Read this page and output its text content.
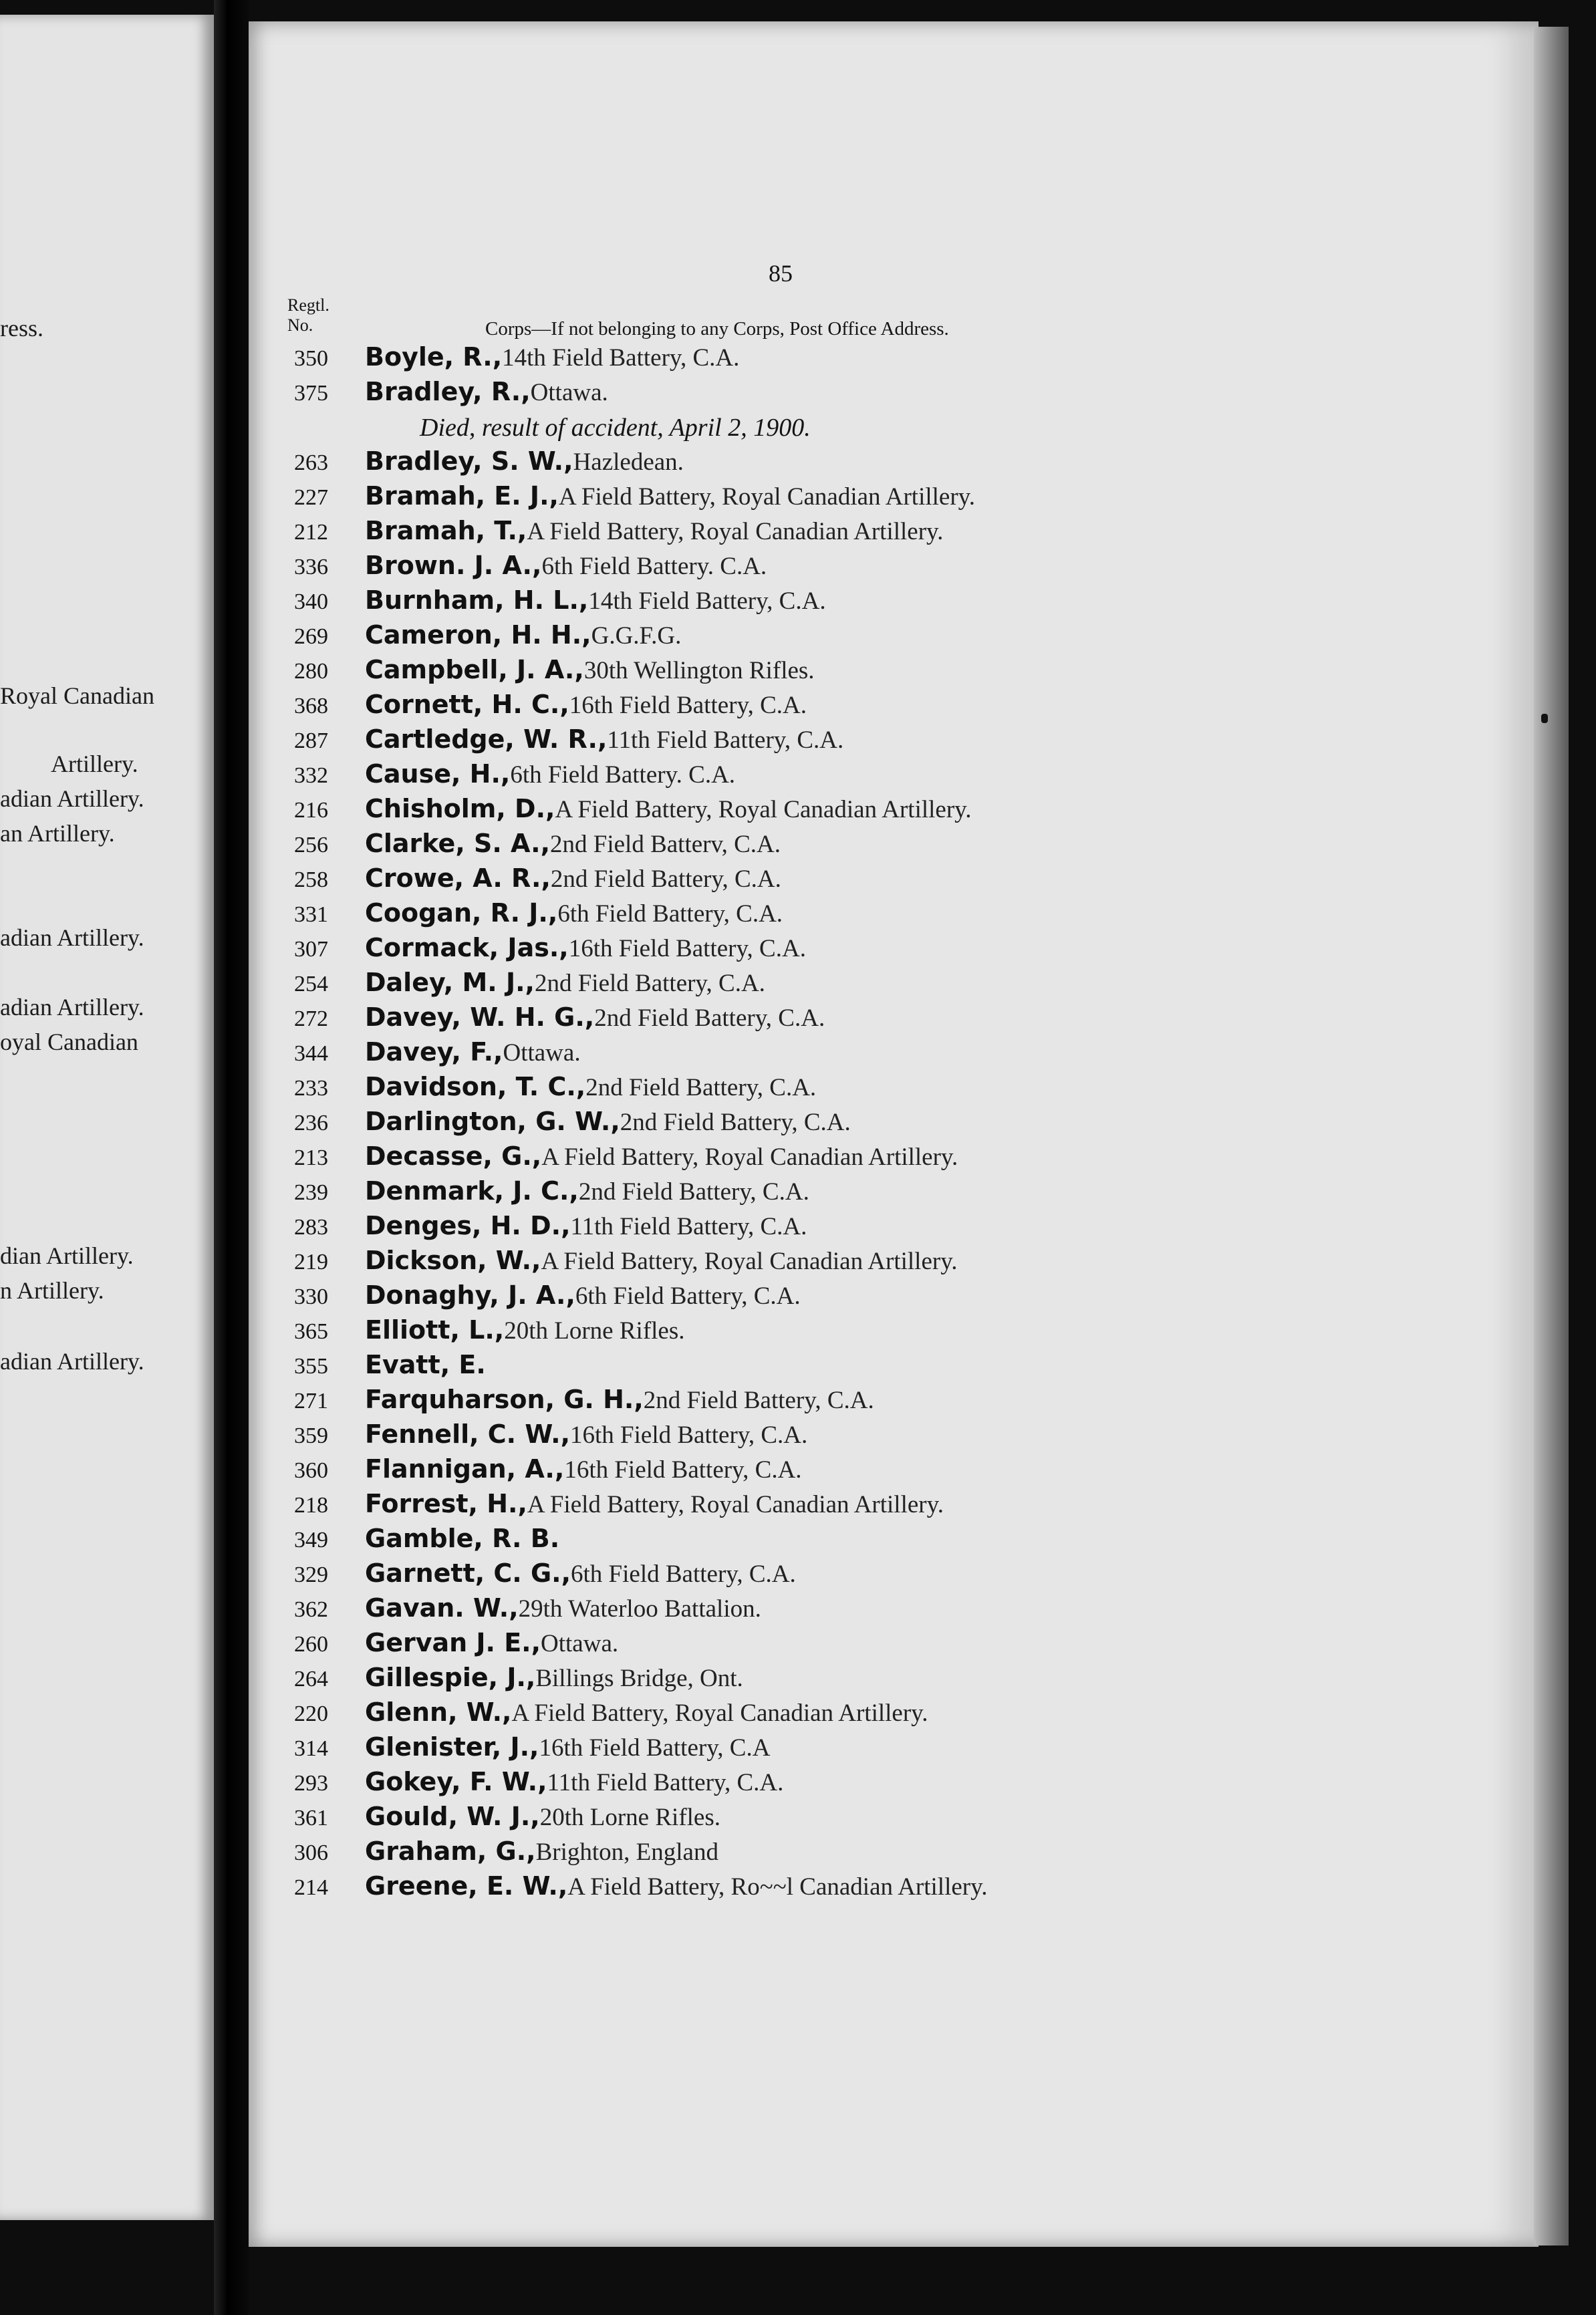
ress.
Royal Canadian
Artillery.
adian Artillery.
an Artillery.
adian Artillery.
adian Artillery.
oyal Canadian
dian Artillery.
n Artillery.
adian Artillery.
85
Regtl.
No.	Corps—If not belonging to any Corps, Post Office Address.
350	Boyle, R., 14th Field Battery, C.A.
375	Bradley, R., Ottawa.
Died, result of accident, April 2, 1900.
263	Bradley, S. W., Hazledean.
227	Bramah, E. J., A Field Battery, Royal Canadian Artillery.
212	Bramah, T., A Field Battery, Royal Canadian Artillery.
336	Brown. J. A., 6th Field Battery. C.A.
340	Burnham, H. L., 14th Field Battery, C.A.
269	Cameron, H. H., G.G.F.G.
280	Campbell, J. A., 30th Wellington Rifles.
368	Cornett, H. C., 16th Field Battery, C.A.
287	Cartledge, W. R., 11th Field Battery, C.A.
332	Cause, H., 6th Field Battery. C.A.
216	Chisholm, D., A Field Battery, Royal Canadian Artillery.
256	Clarke, S. A., 2nd Field Batterv, C.A.
258	Crowe, A. R., 2nd Field Battery, C.A.
331	Coogan, R. J., 6th Field Battery, C.A.
307	Cormack, Jas., 16th Field Battery, C.A.
254	Daley, M. J., 2nd Field Battery, C.A.
272	Davey, W. H. G., 2nd Field Battery, C.A.
344	Davey, F., Ottawa.
233	Davidson, T. C., 2nd Field Battery, C.A.
236	Darlington, G. W., 2nd Field Battery, C.A.
213	Decasse, G., A Field Battery, Royal Canadian Artillery.
239	Denmark, J. C., 2nd Field Battery, C.A.
283	Denges, H. D., 11th Field Battery, C.A.
219	Dickson, W., A Field Battery, Royal Canadian Artillery.
330	Donaghy, J. A., 6th Field Battery, C.A.
365	Elliott, L., 20th Lorne Rifles.
355	Evatt, E.
271	Farquharson, G. H., 2nd Field Battery, C.A.
359	Fennell, C. W., 16th Field Battery, C.A.
360	Flannigan, A., 16th Field Battery, C.A.
218	Forrest, H., A Field Battery, Royal Canadian Artillery.
349	Gamble, R. B.
329	Garnett, C. G., 6th Field Battery, C.A.
362	Gavan. W., 29th Waterloo Battalion.
260	Gervan J. E., Ottawa.
264	Gillespie, J., Billings Bridge, Ont.
220	Glenn, W., A Field Battery, Royal Canadian Artillery.
314	Glenister, J., 16th Field Battery, C.A
293	Gokey, F. W., 11th Field Battery, C.A.
361	Gould, W. J., 20th Lorne Rifles.
306	Graham, G., Brighton, England
214	Greene, E. W., A Field Battery, Ro~~l Canadian Artillery.
